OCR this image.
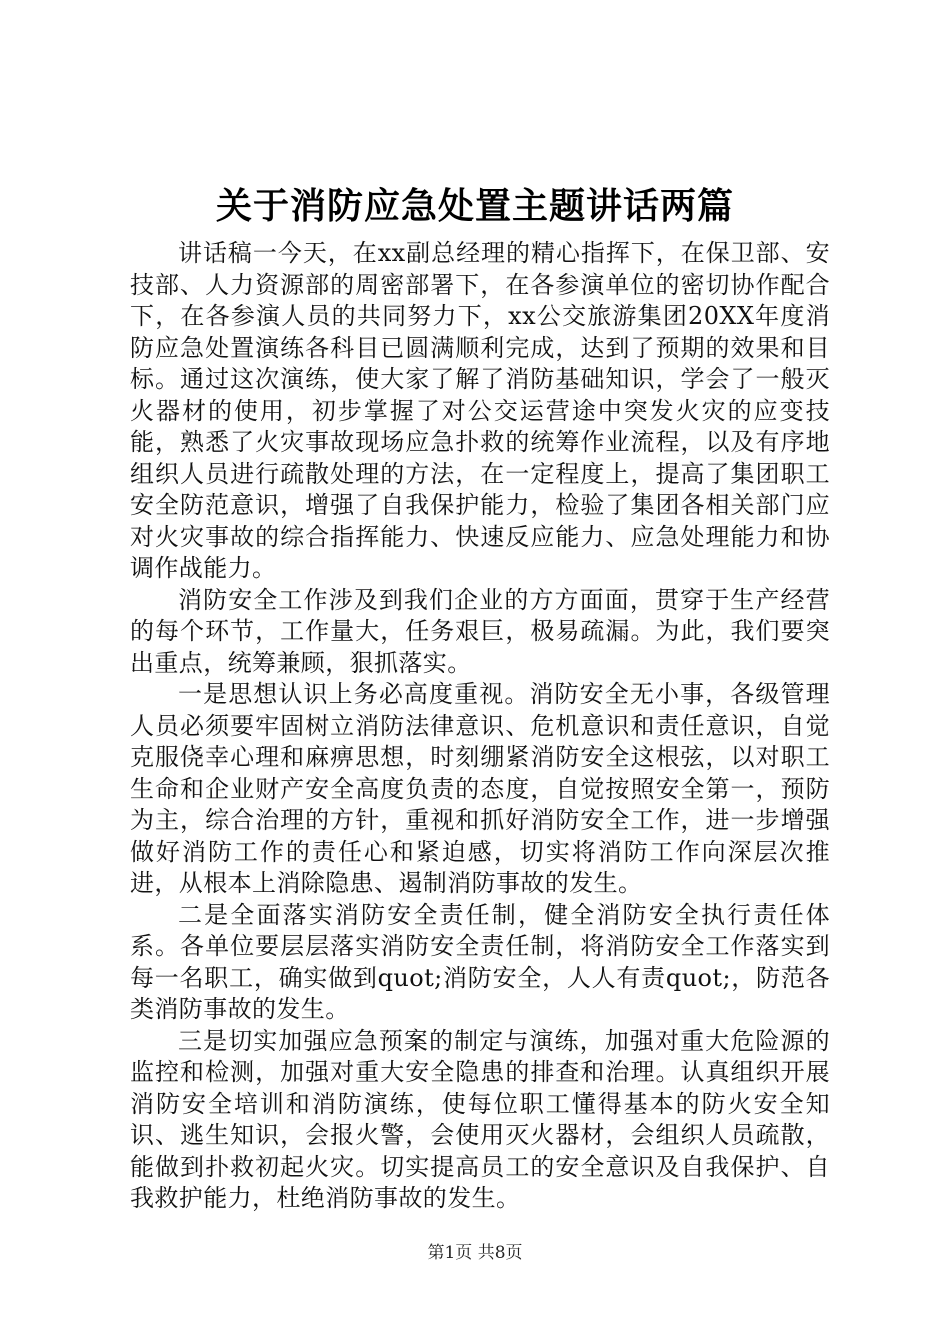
关于消防应急处置主题讲话两篇

讲话稿一今天，在xx副总经理的精心指挥下，在保卫部、安技部、人力资源部的周密部署下，在各参演单位的密切协作配合下，在各参演人员的共同努力下，xx公交旅游集团20XX年度消防应急处置演练各科目已圆满顺利完成，达到了预期的效果和目标。通过这次演练，使大家了解了消防基础知识，学会了一般灭火器材的使用，初步掌握了对公交运营途中突发火灾的应变技能，熟悉了火灾事故现场应急扑救的统筹作业流程，以及有序地组织人员进行疏散处理的方法，在一定程度上，提高了集团职工安全防范意识，增强了自我保护能力，检验了集团各相关部门应对火灾事故的综合指挥能力、快速反应能力、应急处理能力和协调作战能力。

消防安全工作涉及到我们企业的方方面面，贯穿于生产经营的每个环节，工作量大，任务艰巨，极易疏漏。为此，我们要突出重点，统筹兼顾，狠抓落实。

一是思想认识上务必高度重视。消防安全无小事，各级管理人员必须要牢固树立消防法律意识、危机意识和责任意识，自觉克服侥幸心理和麻痹思想，时刻绷紧消防安全这根弦，以对职工生命和企业财产安全高度负责的态度，自觉按照安全第一，预防为主，综合治理的方针，重视和抓好消防安全工作，进一步增强做好消防工作的责任心和紧迫感，切实将消防工作向深层次推进，从根本上消除隐患、遏制消防事故的发生。

二是全面落实消防安全责任制，健全消防安全执行责任体系。各单位要层层落实消防安全责任制，将消防安全工作落实到每一名职工，确实做到quot;消防安全，人人有责quot;，防范各类消防事故的发生。

三是切实加强应急预案的制定与演练，加强对重大危险源的监控和检测，加强对重大安全隐患的排查和治理。认真组织开展消防安全培训和消防演练，使每位职工懂得基本的防火安全知识、逃生知识，会报火警，会使用灭火器材，会组织人员疏散，能做到扑救初起火灾。切实提高员工的安全意识及自我保护、自我救护能力，杜绝消防事故的发生。

第1页 共8页
